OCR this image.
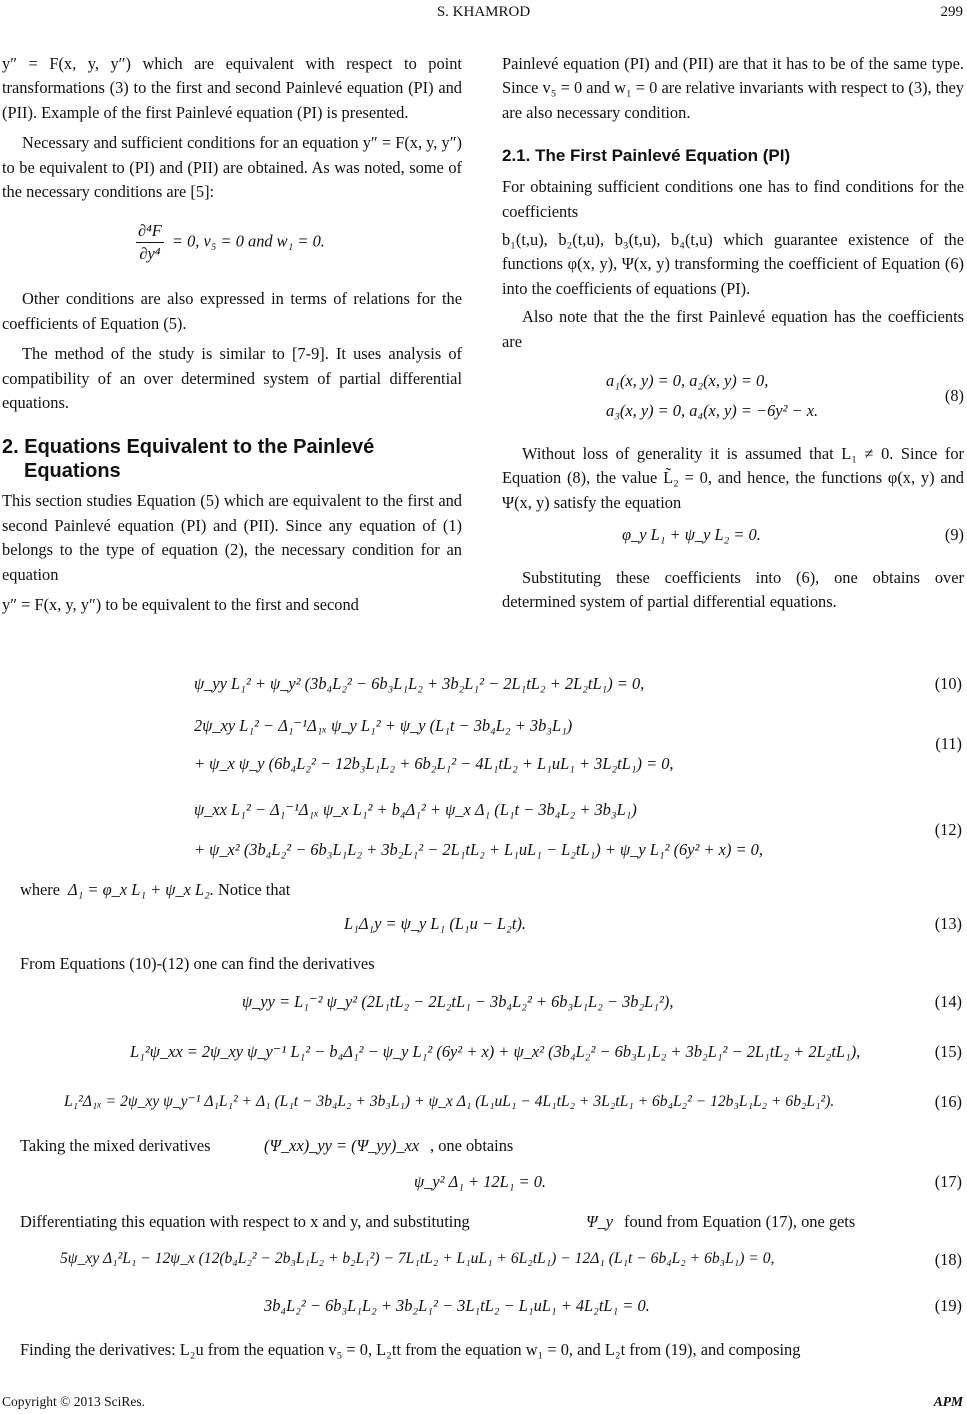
S. KHAMROD	299

y″ = F(x, y, y″) which are equivalent with respect to point transformations (3) to the first and second Painlevé equation (PI) and (PII). Example of the first Painlevé equation (PI) is presented.

Necessary and sufficient conditions for an equation y″ = F(x, y, y″) to be equivalent to (PI) and (PII) are obtained. As was noted, some of the necessary conditions are [5]:

$\frac{\text{∂⁴F}}{\text{∂y⁴}} = 0$, v₅ = 0 and w₁ = 0.

Other conditions are also expressed in terms of relations for the coefficients of Equation (5).

The method of the study is similar to [7-9]. It uses analysis of compatibility of an over determined system of partial differential equations.

2. Equations Equivalent to the Painlevé
Equations

This section studies Equation (5) which are equivalent to the first and second Painlevé equation (PI) and (PII). Since any equation of (1) belongs to the type of equation (2), the necessary condition for an equation

y″ = F(x, y, y″) to be equivalent to the first and second

Painlevé equation (PI) and (PII) are that it has to be of the same type. Since v₅ = 0 and w₁ = 0 are relative invariants with respect to (3), they are also necessary condition.

2.1. The First Painlevé Equation (PI)

For obtaining sufficient conditions one has to find conditions for the coefficients

b₁(t,u), b₂(t,u), b₃(t,u), b₄(t,u) which guarantee existence of the functions φ(x, y), Ψ(x, y) transforming the coefficient of Equation (6) into the coefficients of equations (PI).

Also note that the the first Painlevé equation has the coefficients are

a₁(x, y) = 0, a₂(x, y) = 0,
a₃(x, y) = 0, a₄(x, y) = −6y² − x.
(8)

Without loss of generality it is assumed that L₁ ≠ 0. Since for Equation (8), the value L̃₂ = 0, and hence, the functions φ(x, y) and Ψ(x, y) satisfy the equation

φ_y L₁ + ψ_y L₂ = 0.	(9)

Substituting these coefficients into (6), one obtains over determined system of partial differential equations.

ψ_yy L₁² + ψ_y² (3b₄L₂² − 6b₃L₁L₂ + 3b₂L₁² − 2L₁tL₂ + 2L₂tL₁) = 0,	(10)
2ψ_xy L₁² − Δ₁⁻¹Δ₁ₓ ψ_y L₁² + ψ_y (L₁t − 3b₄L₂ + 3b₃L₁)
+ ψ_x ψ_y (6b₄L₂² − 12b₃L₁L₂ + 6b₂L₁² − 4L₁tL₂ + L₁uL₁ + 3L₂tL₁) = 0,
(11)
ψ_xx L₁² − Δ₁⁻¹Δ₁ₓ ψ_x L₁² + b₄Δ₁² + ψ_x Δ₁ (L₁t − 3b₄L₂ + 3b₃L₁)
+ ψ_x² (3b₄L₂² − 6b₃L₁L₂ + 3b₂L₁² − 2L₁tL₂ + L₁uL₁ − L₂tL₁) + ψ_y L₁² (6y² + x) = 0,
(12)
where Δ₁ = φ_x L₁ + ψ_x L₂. Notice that
L₁Δ₁y = ψ_y L₁ (L₁u − L₂t).	(13)
From Equations (10)-(12) one can find the derivatives
ψ_yy = L₁⁻² ψ_y² (2L₁tL₂ − 2L₂tL₁ − 3b₄L₂² + 6b₃L₁L₂ − 3b₂L₁²),	(14)
L₁²ψ_xx = 2ψ_xy ψ_y⁻¹ L₁² − b₄Δ₁² − ψ_y L₁² (6y² + x) + ψ_x² (3b₄L₂² − 6b₃L₁L₂ + 3b₂L₁² − 2L₁tL₂ + 2L₂tL₁),	(15)
L₁²Δ₁ₓ = 2ψ_xy ψ_y⁻¹ Δ₁L₁² + Δ₁ (L₁t − 3b₄L₂ + 3b₃L₁) + ψ_x Δ₁ (L₁uL₁ − 4L₁tL₂ + 3L₂tL₁ + 6b₄L₂² − 12b₃L₁L₂ + 6b₂L₁²).	(16)
Taking the mixed derivatives	(Ψ_xx)_yy = (Ψ_yy)_xx , one obtains
ψ_y² Δ₁ + 12L₁ = 0.	(17)
Differentiating this equation with respect to x and y, and substituting	Ψ_y found from Equation (17), one gets
5ψ_xy Δ₁²L₁ − 12ψ_x (12(b₄L₂² − 2b₃L₁L₂ + b₂L₁²) − 7L₁tL₂ + L₁uL₁ + 6L₂tL₁) − 12Δ₁ (L₁t − 6b₄L₂ + 6b₃L₁) = 0,	(18)
3b₄L₂² − 6b₃L₁L₂ + 3b₂L₁² − 3L₁tL₂ − L₁uL₁ + 4L₂tL₁ = 0.	(19)
Finding the derivatives: L₂u from the equation v₅ = 0, L₂tt from the equation w₁ = 0, and L₂t from (19), and composing
Copyright © 2013 SciRes.	APM
